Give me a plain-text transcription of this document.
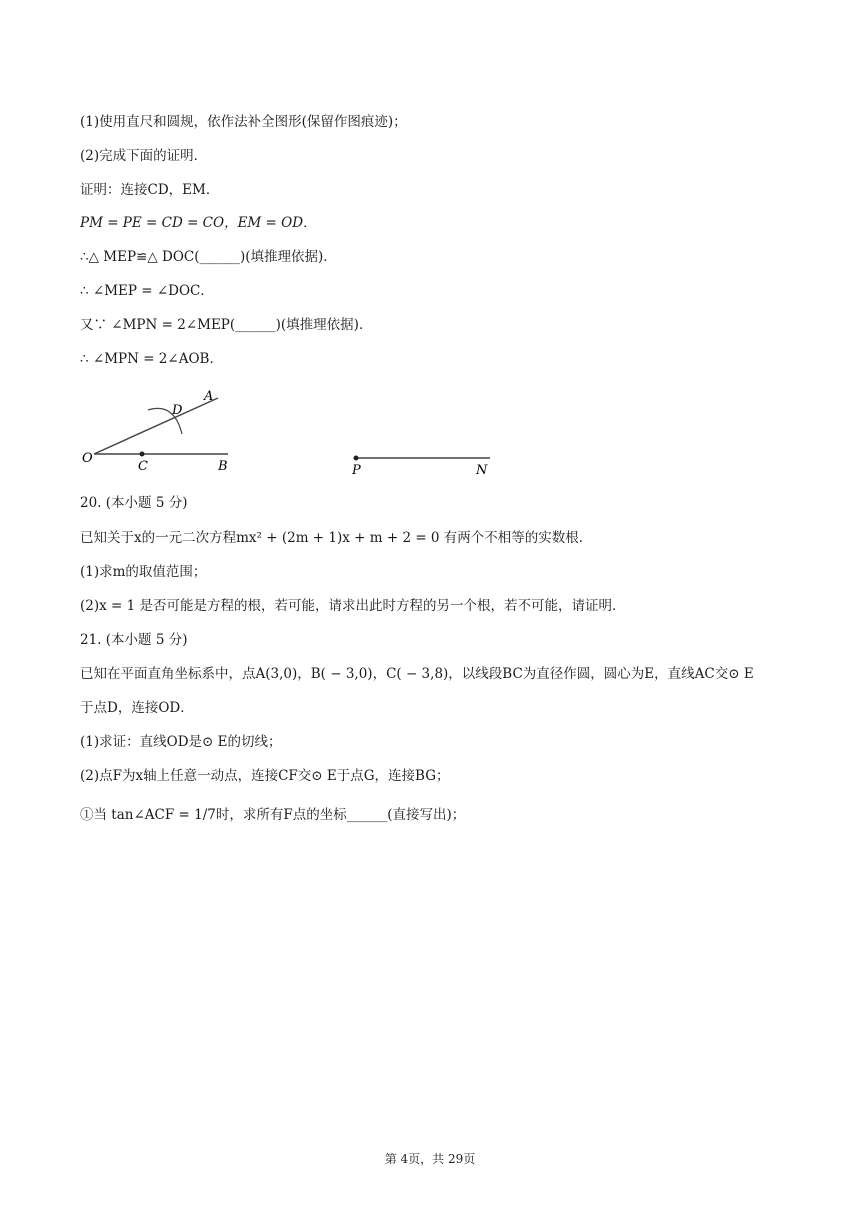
(1)使用直尺和圆规，依作法补全图形(保留作图痕迹)；
(2)完成下面的证明．
证明：连接CD，EM．
PM = PE = CD = CO，EM = OD．
∴△ MEP≌△ DOC(______)(填推理依据)．
∴ ∠MEP = ∠DOC．
又∵ ∠MPN = 2∠MEP(______)(填推理依据)．
∴ ∠MPN = 2∠AOB．
O
C	B
D
A
P	N
20. (本小题 5 分)
已知关于x的一元二次方程mx² + (2m + 1)x + m + 2 = 0 有两个不相等的实数根．
(1)求m的取值范围；
(2)x = 1 是否可能是方程的根，若可能，请求出此时方程的另一个根，若不可能，请证明．
21. (本小题 5 分)
已知在平面直角坐标系中，点A(3,0)，B( − 3,0)，C( − 3,8)，以线段BC为直径作圆，圆心为E，直线AC交⊙ E
于点D，连接OD．
(1)求证：直线OD是⊙ E的切线；
(2)点F为x轴上任意一动点，连接CF交⊙ E于点G，连接BG；
①当 tan∠ACF = 1/7时，求所有F点的坐标______(直接写出)；
第 4页，共 29页
